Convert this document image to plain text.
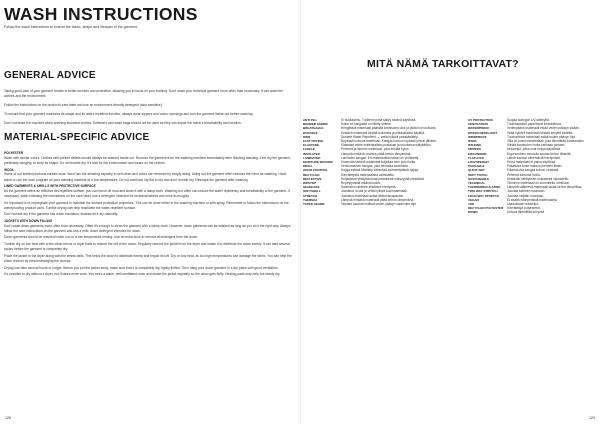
WASH INSTRUCTIONS
Follow the wash instructions to extend the fabric, shape and lifespan of the garment.
GENERAL ADVICE

Taking good care of your garment results in better function and protection, allowing you to focus on your training. Don't wash your technical garment more often than necessary; it can wash the clothes and the environment.

Follow the instructions on the product's care label and use an environment-friendly detergent (skin-sensitive).

To ensure that your garment maintains its shape and its water-repellent function, always close zippers and velcro openings and turn the garment inside out before washing.

Don't overload the machine when washing technical clothes. Softeners and wash bags should not be used as they can impair the fabric's breathability and function.

MATERIAL-SPECIFIC ADVICE
POLYESTER

Wash with similar colors. Clothes with printed details should always be washed inside out. Remove the garment from the washing machine immediately after finishing washing. Line dry the garment, preferably hanging, to keep its shape. Do not tumble dry, it's bad for the environment and wears on the clothes.

WOOL

Some of our knitted products contain wool. Wool has the amazing capacity to self-clean and odors are removed by simply airing. Airing out the garment often reduces the need for washing. Hand wash or use the wool program on your washing machine at a low temperature. Do not overload, lay flat to dry and don't tumble dry. Reshape the garment after washing.

LINED GARMENTS & SHELLS WITH PROTECTIVE SURFACE

As the garment offers an effective dirt-repellent surface, you can brush off mud and clean it with a damp cloth. Washing too often can reduce the water repellency and breathability of the garment. If necessary, wash following the instructions on the care label, use a detergent intended for technical fabrics and rinse thoroughly.

It's important to re-impregnate your garment to maintain the surface protection properties. This can be done either in the washing machine or with spray. Remember to follow the instructions on the waterproofing product used. Tumble drying can help reactivate the water-repellent surface.

Don't tumble dry if the garment has down insulation; instead let it dry naturally.

JACKETS WITH DOWN FILLING

Don't wash down garments more often than necessary. Often it's enough to clean the garment with a damp cloth. However, down garments can be washed as long as you do it the right way. Always follow the care instructions on the garment and use a mild, down detergent intended for down.

Down garments should be washed inside out on a low temperature setting. Use an extra rinse to remove all detergent from the down.

Tumble dry on low heat with a few clean tennis or dryer balls to restore the loft of the down. Regularly remove the jacket from the dryer and shake it to distribute the down evenly. It can take several cycles before the garment is completely dry.

Place the jacket in the dryer along with the tennis balls. This helps the down to distribute evenly and regain its loft. Dry on low heat, as too high temperatures can damage the fabric. You can help the down recover by hand-massaging the clumps.

Drying can take several hours or longer. Before you put the jacket away, make sure that it is completely dry, lightly fluffed. Then hang your down garment in a dry place with good ventilation.

It's possible to dry without a dryer, but it takes more work. You need a warm, well-ventilated room and shake the jacket regularly so the down gets fluffy. Heating pads may help but slowly dry.

128
MITÄ NÄMÄ TARKOITTAVAT?
ANTI PILL	Ei nukkaannu. Tuotteen pinta säilyy siistinä käytössä.
BONDED FABRIC	Kaksi eri kangasta on liitetty yhteen.
BREATHABLE	Hengittävä materiaali päästää kosteuden ulos ja pitää ihon kuivana.
DURABLE	Kestävä materiaali kestää kulutusta ja pitkäaikaista käyttöä.
DWR	Durable Water Repellent — vettä hylkivä pintakäsittely.
FAST DRYING	Nopeasti kuivuva materiaali. Kangas kuivuu nopeasti pesun jälkeen.
ELASTANE	Elastaani tekee materiaalista joustavan ja muotonsa säilyttävän.
FLEECE	Pehmeä ja lämmin materiaali, joka eristää hyvin.
INSULATED	Lämpöä eristävä vuoritus pitää kehon lämpimänä.
LAMINATED	Laminoitu kangas. Eri materiaalikerrokset on yhdistetty.
MOISTURE WICKING	Kosteutta siirtävä materiaali kuljettaa hien pois iholta.
MESH	Verkkomainen kangas, joka tehostaa tuuletusta.
ODOR CONTROL	Hajuja estävä käsittely vähentää epämiellyttäviä hajuja.
RECYCLED	Kierrätetystä materiaalista valmistettu.
REFLECTIVE	Heijastavat yksityiskohdat parantavat näkyvyyttä pimeässä.
RIPSTOP	Repeytymistä estävä kudos.
SEAMLESS	Saumaton rakenne ehkäisee hiertymiä.
SOFTSHELL	Joustava, tuulta ja vettä hylkivä kuorimateriaali.
STRETCH	Joustava materiaali antaa liikkumisvapautta.
THERMAL	Lämpöä eristävä materiaali pitää kehon lämpimänä.
TAPED SEAMS	Teipatut saumat estävät veden pääsyn saumojen läpi.
UV PROTECTION	Suojaa auringon UV-säteilyltä.
VENTILATION	Tuuletusaukot parantavat ilmankiertoa.
WATERPROOF	Vedenpitävä materiaali estää veden pääsyn sisään.
WATER REPELLENT	Vettä hylkivä materiaali kestää kevyttä sadetta.
WINDPROOF	Tuulenpitävä materiaali estää tuulen pääsyn läpi.
WOOL	Villa on luonnonmateriaali, joka lämmittää kosteanakin.
WICKING	Siirtää kosteuden iholta kankaan pintaan.
ZIPPERS	Vetoketjut, jotka ovat helppokäyttöisiä.
ERGONOMIC	Ergonominen muotoilu seuraa kehon liikkeitä.
FLATLOCK	Litteät saumat vähentävät hiertymistä.
LIGHTWEIGHT	Kevyt materiaali ei paina käytössä.
PACKABLE	Pakattava tuote mahtuu pieneen tilaan.
QUICK DRY	Pikakuivuva kangas kuivuu nopeasti.
SOFT TOUCH	Pehmeä tuntuma iholla.
SUSTAINABLE	Kestävän kehityksen mukaisesti valmistettu.
TECHNICAL	Tekninen materiaali on suunniteltu urheiluun.
THERMOREGULATING	Lämpöä säätelevä materiaali tasaa kehon lämpötilaa.
TWO-WAY STRETCH	Joustaa kahteen suuntaan.
FOUR-WAY STRETCH	Joustaa neljään suuntaan.
VEGAN	Ei sisällä eläinperäisiä materiaaleja.
YKK	Laadukkaat vetoketjut.
RECYCLED POLYESTER	Kierrätettyä polyesteriä.
DOWN	Untuva lämmittää kevyesti.
129
